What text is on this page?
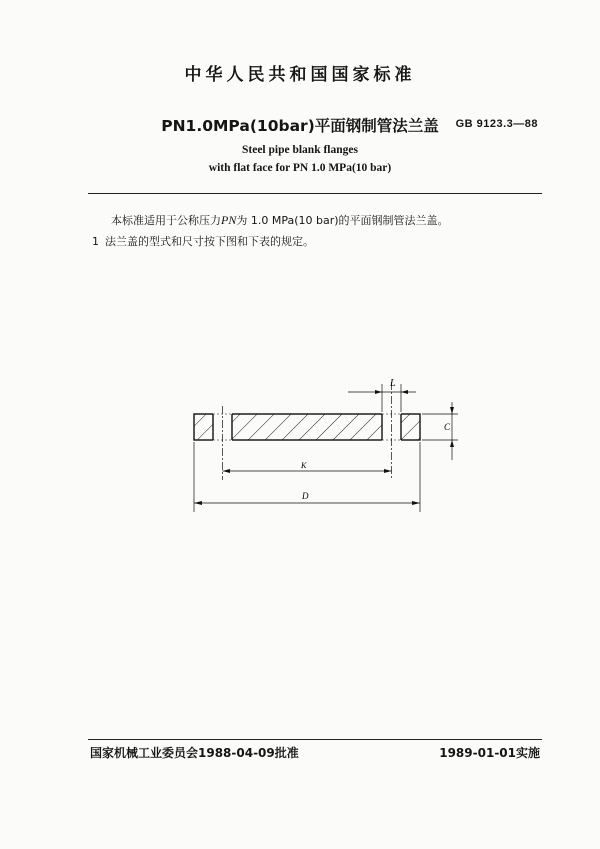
中华人民共和国国家标准
PN1.0MPa(10bar)平面钢制管法兰盖	GB 9123.3—88
Steel pipe blank flanges
with flat face for PN 1.0 MPa(10 bar)
本标准适用于公称压力PN为 1.0 MPa(10 bar)的平面钢制管法兰盖。
1 法兰盖的型式和尺寸按下图和下表的规定。
L
C
K
D
国家机械工业委员会1988-04-09批准	1989-01-01实施
